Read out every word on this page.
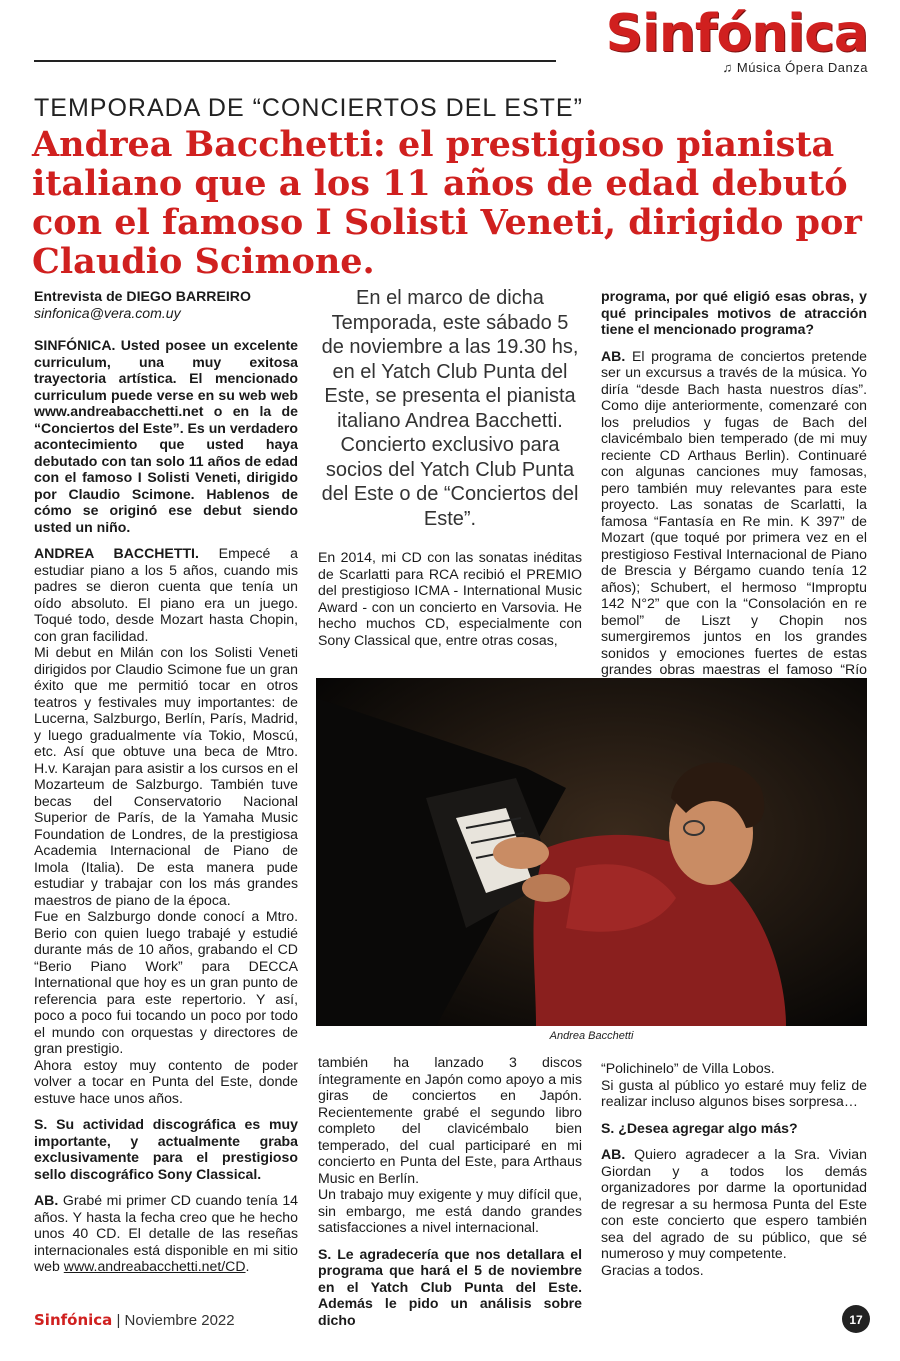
Sinfónica
♫ Música Ópera Danza
TEMPORADA DE “CONCIERTOS DEL ESTE”
Andrea Bacchetti: el prestigioso pianista italiano que a los 11 años de edad debutó con el famoso I Solisti Veneti, dirigido por Claudio Scimone.

Entrevista de DIEGO BARREIRO

sinfonica@vera.com.uy

SINFÓNICA. Usted posee un excelente curriculum, una muy exitosa trayectoria artística. El mencionado curriculum puede verse en su web web www.andreabacchetti.net o en la de “Conciertos del Este”. Es un verdadero acontecimiento que usted haya debutado con tan solo 11 años de edad con el famoso I Solisti Veneti, dirigido por Claudio Scimone. Hablenos de cómo se originó ese debut siendo usted un niño.

ANDREA BACCHETTI. Empecé a estudiar piano a los 5 años, cuando mis padres se dieron cuenta que tenía un oído absoluto. El piano era un juego. Toqué todo, desde Mozart hasta Chopin, con gran facilidad.

Mi debut en Milán con los Solisti Veneti dirigidos por Claudio Scimone fue un gran éxito que me permitió tocar en otros teatros y festivales muy importantes: de Lucerna, Salzburgo, Berlín, París, Madrid, y luego gradualmente vía Tokio, Moscú, etc. Así que obtuve una beca de Mtro. H.v. Karajan para asistir a los cursos en el Mozarteum de Salzburgo. También tuve becas del Conservatorio Nacional Superior de París, de la Yamaha Music Foundation de Londres, de la prestigiosa Academia Internacional de Piano de Imola (Italia). De esta manera pude estudiar y trabajar con los más grandes maestros de piano de la época.

Fue en Salzburgo donde conocí a Mtro. Berio con quien luego trabajé y estudié durante más de 10 años, grabando el CD “Berio Piano Work” para DECCA International que hoy es un gran punto de referencia para este repertorio. Y así, poco a poco fui tocando un poco por todo el mundo con orquestas y directores de gran prestigio.

Ahora estoy muy contento de poder volver a tocar en Punta del Este, donde estuve hace unos años.

S. Su actividad discográfica es muy importante, y actualmente graba exclusivamente para el prestigioso sello discográfico Sony Classical.

AB. Grabé mi primer CD cuando tenía 14 años. Y hasta la fecha creo que he hecho unos 40 CD. El detalle de las reseñas internacionales está disponible en mi sitio web www.andreabacchetti.net/CD.

En el marco de dicha Temporada, este sábado 5 de noviembre a las 19.30 hs, en el Yatch Club Punta del Este, se presenta el pianista italiano Andrea Bacchetti. Concierto exclusivo para socios del Yatch Club Punta del Este o de “Conciertos del Este”.

En 2014, mi CD con las sonatas inéditas de Scarlatti para RCA recibió el PREMIO del prestigioso ICMA - International Music Award - con un concierto en Varsovia. He hecho muchos CD, especialmente con Sony Classical que, entre otras cosas,

programa, por qué eligió esas obras, y qué principales motivos de atracción tiene el mencionado programa?

AB. El programa de conciertos pretende ser un excursus a través de la música. Yo diría “desde Bach hasta nuestros días”. Como dije anteriormente, comenzaré con los preludios y fugas de Bach del clavicémbalo bien temperado (de mi muy reciente CD Arthaus Berlin). Continuaré con algunas canciones muy famosas, pero también muy relevantes para este proyecto. Las sonatas de Scarlatti, la famosa “Fantasía en Re min. K 397” de Mozart (que toqué por primera vez en el prestigioso Festival Internacional de Piano de Brescia y Bérgamo cuando tenía 12 años); Schubert, el hermoso “Improptu 142 N°2” que con la “Consolación en re bemol” de Liszt y Chopin nos sumergiremos juntos en los grandes sonidos y emociones fuertes de estas grandes obras maestras el famoso “Río

Andrea Bacchetti

también ha lanzado 3 discos íntegramente en Japón como apoyo a mis giras de conciertos en Japón. Recientemente grabé el segundo libro completo del clavicémbalo bien temperado, del cual participaré en mi concierto en Punta del Este, para Arthaus Music en Berlín.

Un trabajo muy exigente y muy difícil que, sin embargo, me está dando grandes satisfacciones a nivel internacional.

S. Le agradecería que nos detallara el programa que hará el 5 de noviembre en el Yatch Club Punta del Este. Además le pido un análisis sobre dicho

“Polichinelo” de Villa Lobos.

Si gusta al público yo estaré muy feliz de realizar incluso algunos bises sorpresa…

S. ¿Desea agregar algo más?

AB. Quiero agradecer a la Sra. Vivian Giordan y a todos los demás organizadores por darme la oportunidad de regresar a su hermosa Punta del Este con este concierto que espero también sea del agrado de su público, que sé numeroso y muy competente.

Gracias a todos.

Sinfónica | Noviembre 2022	17
